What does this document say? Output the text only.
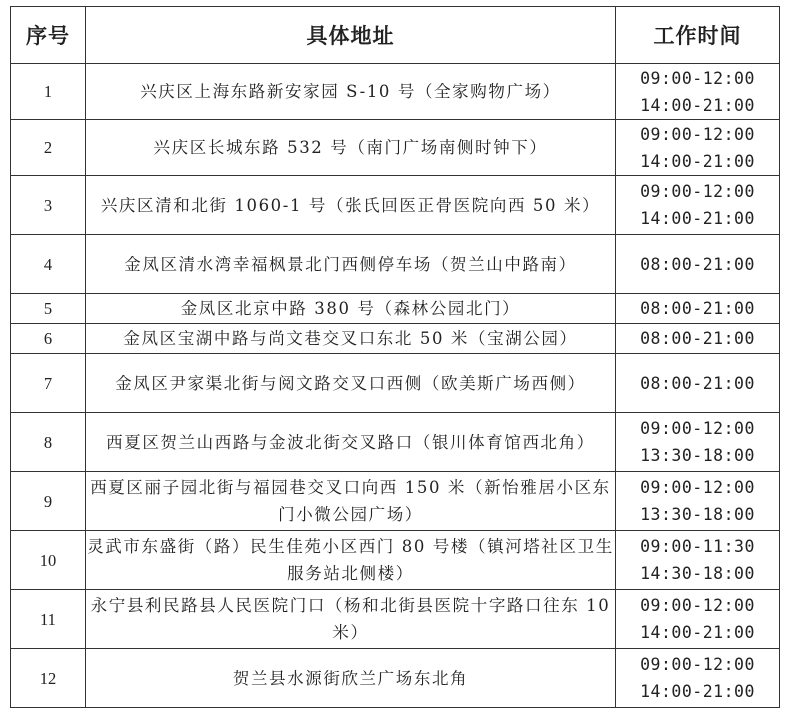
序号	具体地址	工作时间
1	兴庆区上海东路新安家园 S-10 号（全家购物广场）	09:00-12:00
14:00-21:00

2	兴庆区长城东路 532 号（南门广场南侧时钟下）	09:00-12:00
14:00-21:00

3	兴庆区清和北街 1060-1 号（张氏回医正骨医院向西 50 米）	09:00-12:00
14:00-21:00

4	金凤区清水湾幸福枫景北门西侧停车场（贺兰山中路南）	08:00-21:00

5	金凤区北京中路 380 号（森林公园北门）	08:00-21:00

6	金凤区宝湖中路与尚文巷交叉口东北 50 米（宝湖公园）	08:00-21:00

7	金凤区尹家渠北街与阅文路交叉口西侧（欧美斯广场西侧）	08:00-21:00

8	西夏区贺兰山西路与金波北街交叉路口（银川体育馆西北角）	09:00-12:00
13:30-18:00

9	西夏区丽子园北街与福园巷交叉口向西 150 米（新怡雅居小区东门小微公园广场）	09:00-12:00
13:30-18:00

10	灵武市东盛街（路）民生佳苑小区西门 80 号楼（镇河塔社区卫生服务站北侧楼）	09:00-11:30
14:30-18:00

11	永宁县利民路县人民医院门口（杨和北街县医院十字路口往东 10 米）	09:00-12:00
14:00-21:00

12	贺兰县水源街欣兰广场东北角	09:00-12:00
14:00-21:00
